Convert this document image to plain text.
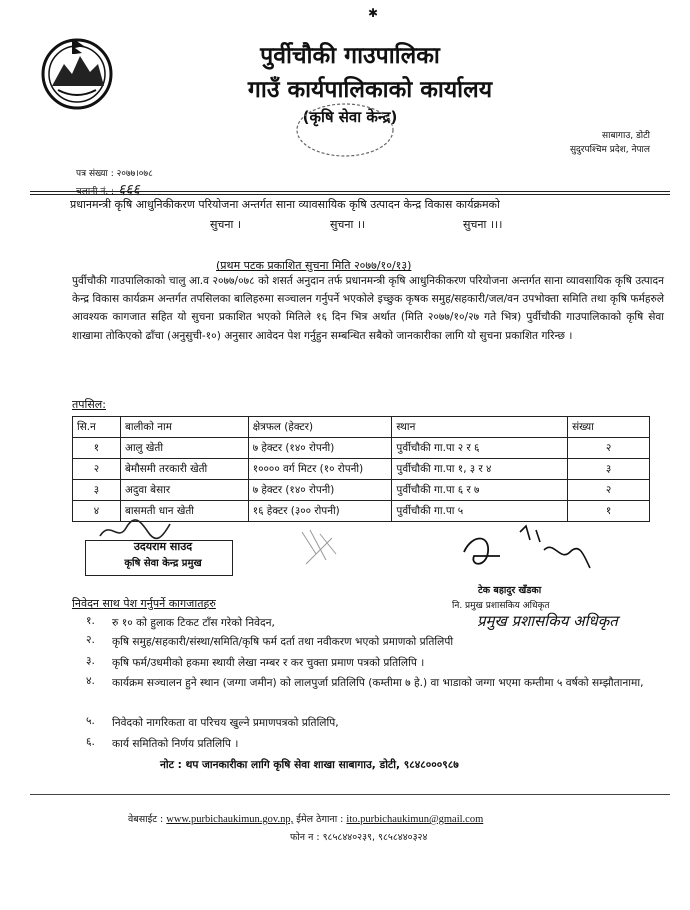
✱
पुर्वीचौकी गाउपालिका
गाउँ कार्यपालिकाको कार्यालय
(कृषि सेवा केन्द्र)
साबागाउ, डोटी
सुदुरपश्चिम प्रदेश, नेपाल
पत्र संख्या : २०७७।०७८
चलानी नं. : ६६६
प्रधानमन्त्री कृषि आधुनिकीकरण परियोजना अन्तर्गत साना व्यावसायिक कृषि उत्पादन केन्द्र विकास कार्यक्रमको
सुचना ।	सुचना ।।	सुचना ।।।
(प्रथम पटक प्रकाशित सुचना मिति २०७७/१०/१३)
पुर्वीचौकी गाउपालिकाको चालु आ.व २०७७/०७८ को शसर्त अनुदान तर्फ प्रधानमन्त्री कृषि आधुनिकीकरण परियोजना अन्तर्गत साना व्यावसायिक कृषि उत्पादन केन्द्र विकास कार्यक्रम अन्तर्गत तपसिलका बालिहरुमा सञ्चालन गर्नुपर्ने भएकोले इच्छुक कृषक समुह/सहकारी/जल/वन उपभोक्ता समिति तथा कृषि फर्महरुले आवश्यक कागजात सहित यो सुचना प्रकाशित भएको मितिले १६ दिन भित्र अर्थात (मिति २०७७/१०/२७ गते भित्र) पुर्वीचौकी गाउपालिकाको कृषि सेवा शाखामा तोकिएको ढाँचा (अनुसुची-१०) अनुसार आवेदन पेश गर्नुहुन सम्बन्धित सबैको जानकारीका लागि यो सुचना प्रकाशित गरिन्छ ।
तपसिल:
सि.न	बालीको नाम	क्षेत्रफल (हेक्टर)	स्थान	संख्या
१	आलु खेती	७ हेक्टर (१४० रोपनी)	पुर्वीचौकी गा.पा २ र ६	२
२	बेमौसमी तरकारी खेती	१०००० वर्ग मिटर (१० रोपनी)	पुर्वीचौकी गा.पा १, ३ र ४	३
३	अदुवा बेसार	७ हेक्टर (१४० रोपनी)	पुर्वीचौकी गा.पा ६ र ७	२
४	बासमती धान खेती	१६ हेक्टर (३०० रोपनी)	पुर्वीचौकी गा.पा ५	१
उदयराम साउद
कृषि सेवा केन्द्र प्रमुख
टेक बहादुर खँडका
नि. प्रमुख प्रशासकिय अधिकृत
प्रमुख प्रशासकिय अधिकृत
निवेदन साथ पेश गर्नुपर्ने कागजातहरु
१.	रु १० को हुलाक टिकट टाँस गरेको निवेदन,
२.	कृषि समुह/सहकारी/संस्था/समिति/कृषि फर्म दर्ता तथा नवीकरण भएको प्रमाणको प्रतिलिपी
३.	कृषि फर्म/उधमीको हकमा स्थायी लेखा नम्बर र कर चुक्ता प्रमाण पत्रको प्रतिलिपि ।
४.	कार्यक्रम सञ्चालन हुने स्थान (जग्गा जमीन) को लालपुर्जा प्रतिलिपि (कम्तीमा ७ हे.) वा भाडाको जग्गा भएमा कम्तीमा ५ वर्षको सम्झौतानामा,
५.	निवेदको नागरिकता वा परिचय खुल्ने प्रमाणपत्रको प्रतिलिपि,
६.	कार्य समितिको निर्णय प्रतिलिपि ।
नोट : थप जानकारीका लागि कृषि सेवा शाखा साबागाउ, डोटी, ९८४८०००९८७
वेबसाईट : www.purbichaukimun.gov.np, ईमेल ठेगाना : ito.purbichaukimun@gmail.com
फोन न : ९८५८४४०२३९, ९८५८४४०३२४
